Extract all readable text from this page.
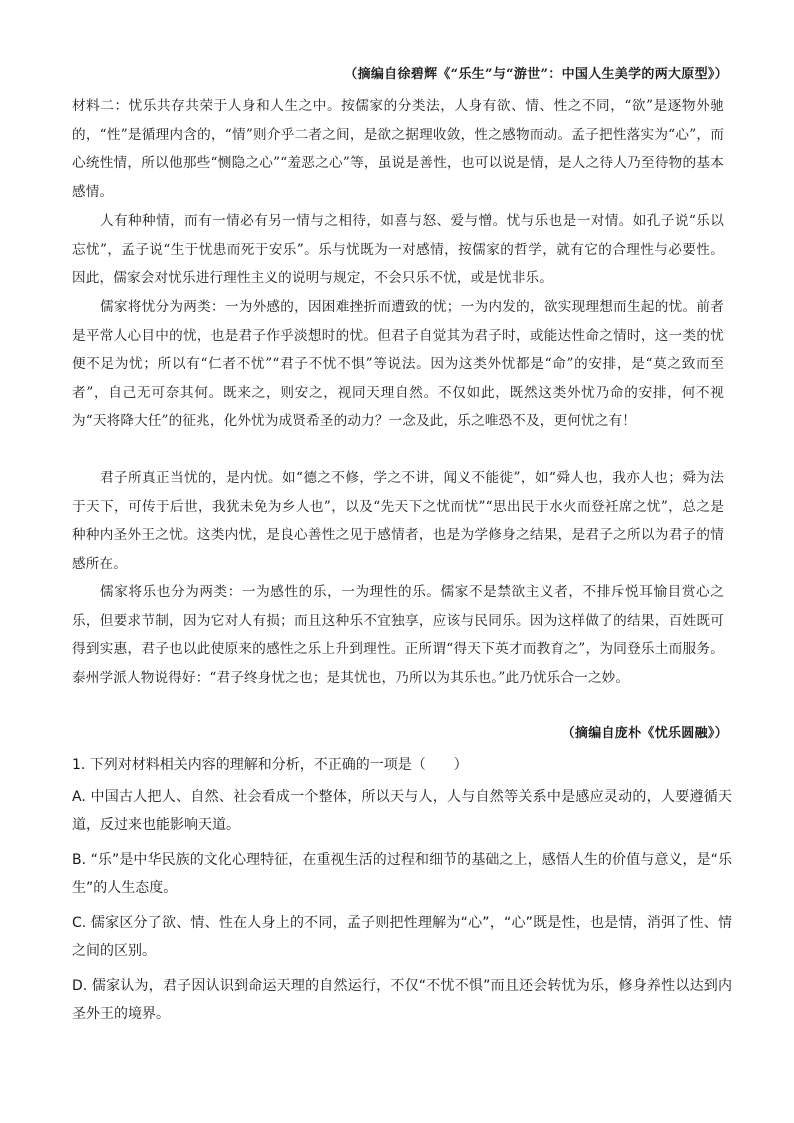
（摘编自徐碧辉《“乐生”与“游世”：中国人生美学的两大原型》）

材料二：忧乐共存共荣于人身和人生之中。按儒家的分类法，人身有欲、情、性之不同，“欲”是逐物外驰的，“性”是循理内含的，“情”则介乎二者之间，是欲之据理收敛，性之感物而动。孟子把性落实为“心”，而心统性情，所以他那些“恻隐之心”“羞恶之心”等，虽说是善性，也可以说是情，是人之待人乃至待物的基本感情。

人有种种情，而有一情必有另一情与之相待，如喜与怒、爱与憎。忧与乐也是一对情。如孔子说“乐以忘忧”，孟子说“生于忧患而死于安乐”。乐与忧既为一对感情，按儒家的哲学，就有它的合理性与必要性。因此，儒家会对忧乐进行理性主义的说明与规定，不会只乐不忧，或是忧非乐。

儒家将忧分为两类：一为外感的，因困难挫折而遭致的忧；一为内发的，欲实现理想而生起的忧。前者是平常人心目中的忧，也是君子作乎淡想时的忧。但君子自觉其为君子时，或能达性命之情时，这一类的忧便不足为忧；所以有“仁者不忧”“君子不忧不惧”等说法。因为这类外忧都是“命”的安排，是“莫之致而至者”，自己无可奈其何。既来之，则安之，视同天理自然。不仅如此，既然这类外忧乃命的安排，何不视为“天将降大任”的征兆，化外忧为成贤希圣的动力？一念及此，乐之唯恐不及，更何忧之有！

君子所真正当忧的，是内忧。如“德之不修，学之不讲，闻义不能徙”，如“舜人也，我亦人也；舜为法于天下，可传于后世，我犹未免为乡人也”，以及“先天下之忧而忧”“思出民于水火而登衽席之忧”，总之是种种内圣外王之忧。这类内忧，是良心善性之见于感情者，也是为学修身之结果，是君子之所以为君子的情感所在。

儒家将乐也分为两类：一为感性的乐，一为理性的乐。儒家不是禁欲主义者，不排斥悦耳愉目赏心之乐，但要求节制，因为它对人有损；而且这种乐不宜独享，应该与民同乐。因为这样做了的结果，百姓既可得到实惠，君子也以此使原来的感性之乐上升到理性。正所谓“得天下英才而教育之”，为同登乐土而服务。泰州学派人物说得好：“君子终身忧之也；是其忧也，乃所以为其乐也。”此乃忧乐合一之妙。

（摘编自庞朴《忧乐圆融》）

1. 下列对材料相关内容的理解和分析，不正确的一项是（　　）

A. 中国古人把人、自然、社会看成一个整体，所以天与人，人与自然等关系中是感应灵动的，人要遵循天道，反过来也能影响天道。

B. “乐”是中华民族的文化心理特征，在重视生活的过程和细节的基础之上，感悟人生的价值与意义，是“乐生”的人生态度。

C. 儒家区分了欲、情、性在人身上的不同，孟子则把性理解为“心”，“心”既是性，也是情，消弭了性、情之间的区别。

D. 儒家认为，君子因认识到命运天理的自然运行，不仅“不忧不惧”而且还会转忧为乐，修身养性以达到内圣外王的境界。
